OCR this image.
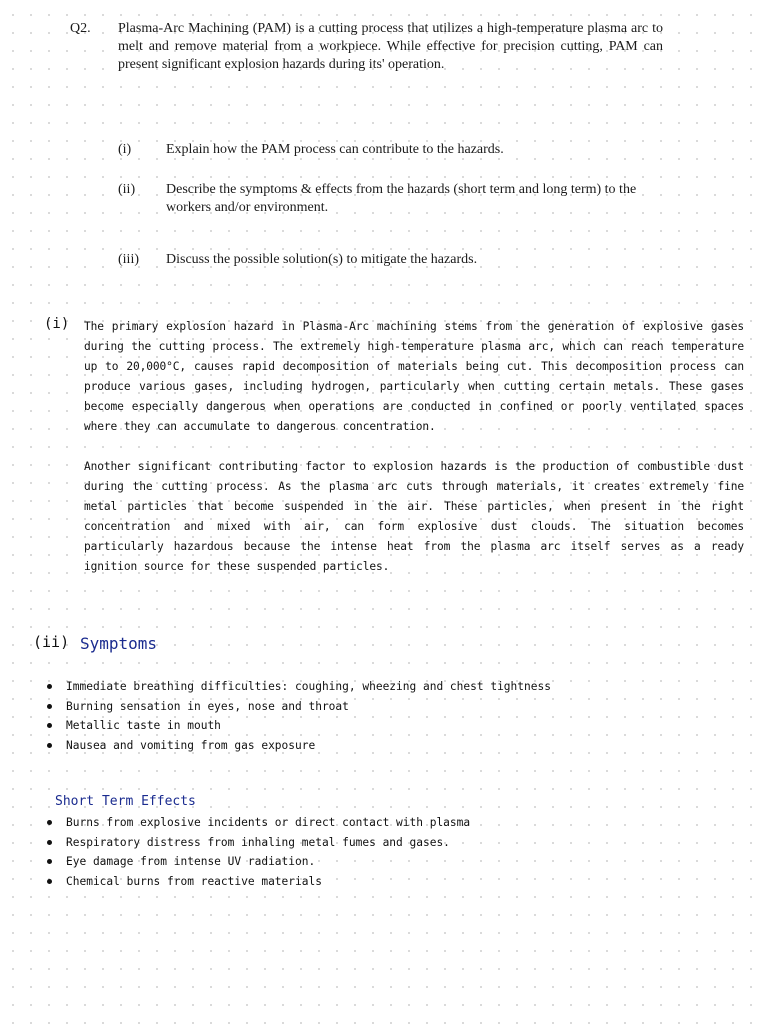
Q2. Plasma-Arc Machining (PAM) is a cutting process that utilizes a high-temperature plasma arc to melt and remove material from a workpiece. While effective for precision cutting, PAM can present significant explosion hazards during its' operation.
(i) Explain how the PAM process can contribute to the hazards.
(ii) Describe the symptoms & effects from the hazards (short term and long term) to the workers and/or environment.
(iii) Discuss the possible solution(s) to mitigate the hazards.
(i) The primary explosion hazard in Plasma-Arc machining stems from the generation of explosive gases during the cutting process. The extremely high-temperature plasma arc, which can reach temperature up to 20,000°C, causes rapid decomposition of materials being cut. This decomposition process can produce various gases, including hydrogen, particularly when cutting certain metals. These gases become especially dangerous when operations are conducted in confined or poorly ventilated spaces where they can accumulate to dangerous concentration.
Another significant contributing factor to explosion hazards is the production of combustible dust during the cutting process. As the plasma arc cuts through materials, it creates extremely fine metal particles that become suspended in the air. These particles, when present in the right concentration and mixed with air, can form explosive dust clouds. The situation becomes particularly hazardous because the intense heat from the plasma arc itself serves as a ready ignition source for these suspended particles.
(ii) Symptoms
Immediate breathing difficulties: coughing, wheezing and chest tightness
Burning sensation in eyes, nose and throat
Metallic taste in mouth
Nausea and vomiting from gas exposure
Short Term Effects
Burns from explosive incidents or direct contact with plasma
Respiratory distress from inhaling metal fumes and gases.
Eye damage from intense UV radiation.
Chemical burns from reactive materials
